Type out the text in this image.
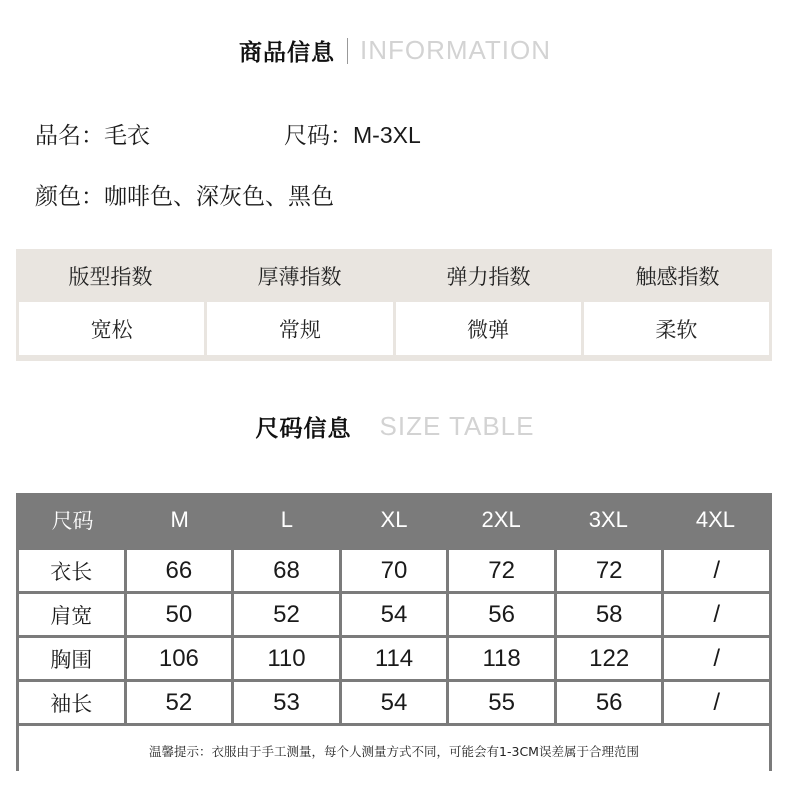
商品信息 INFORMATION
品名：毛衣	尺码：M-3XL
颜色：咖啡色、深灰色、黑色
版型指数	厚薄指数	弹力指数	触感指数
宽松	常规	微弹	柔软
尺码信息 SIZE TABLE
尺码	M	L	XL	2XL	3XL	4XL
衣长	66	68	70	72	72	/
肩宽	50	52	54	56	58	/
胸围	106	110	114	118	122	/
袖长	52	53	54	55	56	/
温馨提示：衣服由于手工测量，每个人测量方式不同，可能会有1-3CM误差属于合理范围
